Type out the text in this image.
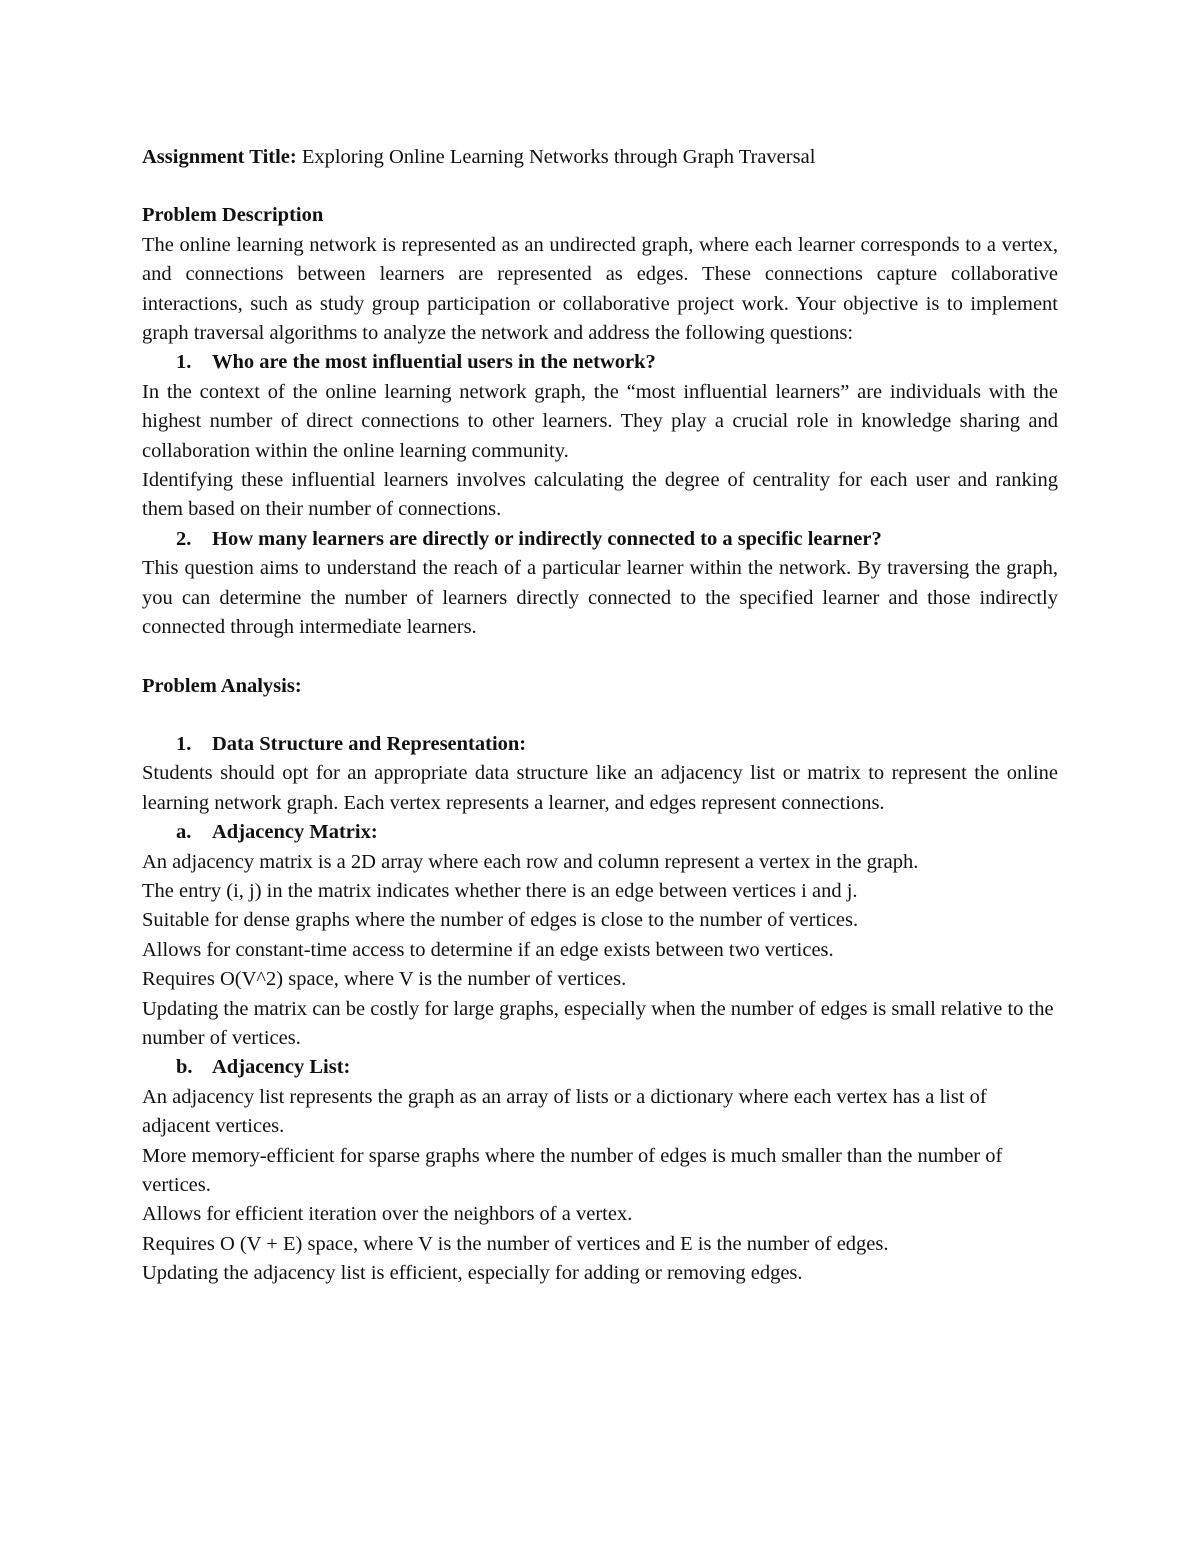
Assignment Title: Exploring Online Learning Networks through Graph Traversal

Problem Description

The online learning network is represented as an undirected graph, where each learner corresponds to a vertex, and connections between learners are represented as edges. These connections capture collaborative interactions, such as study group participation or collaborative project work. Your objective is to implement graph traversal algorithms to analyze the network and address the following questions:

1.	Who are the most influential users in the network?

In the context of the online learning network graph, the “most influential learners” are individuals with the highest number of direct connections to other learners. They play a crucial role in knowledge sharing and collaboration within the online learning community.

Identifying these influential learners involves calculating the degree of centrality for each user and ranking them based on their number of connections.

2.	How many learners are directly or indirectly connected to a specific learner?

This question aims to understand the reach of a particular learner within the network. By traversing the graph, you can determine the number of learners directly connected to the specified learner and those indirectly connected through intermediate learners.

Problem Analysis:

1.	Data Structure and Representation:

Students should opt for an appropriate data structure like an adjacency list or matrix to represent the online learning network graph. Each vertex represents a learner, and edges represent connections.

a.	Adjacency Matrix:

An adjacency matrix is a 2D array where each row and column represent a vertex in the graph.

The entry (i, j) in the matrix indicates whether there is an edge between vertices i and j.

Suitable for dense graphs where the number of edges is close to the number of vertices.

Allows for constant-time access to determine if an edge exists between two vertices.

Requires O(V^2) space, where V is the number of vertices.

Updating the matrix can be costly for large graphs, especially when the number of edges is small relative to the number of vertices.

b. Adjacency List:

An adjacency list represents the graph as an array of lists or a dictionary where each vertex has a list of adjacent vertices.

More memory-efficient for sparse graphs where the number of edges is much smaller than the number of vertices.

Allows for efficient iteration over the neighbors of a vertex.

Requires O (V + E) space, where V is the number of vertices and E is the number of edges.

Updating the adjacency list is efficient, especially for adding or removing edges.
